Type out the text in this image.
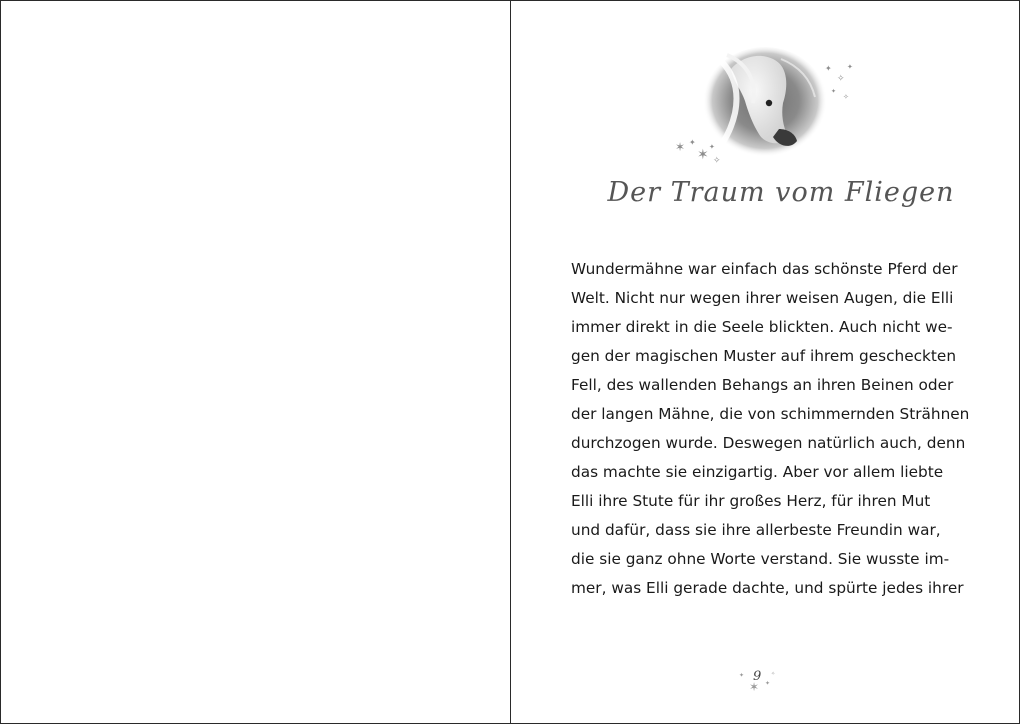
✶ ✦
✶ ✦
✧
✦
✧
✦
✦
✧
Der Traum vom Fliegen

Wundermähne war einfach das schönste Pferd der
Welt. Nicht nur wegen ihrer weisen Augen, die Elli
immer direkt in die Seele blickten. Auch nicht we-
gen der magischen Muster auf ihrem gescheckten
Fell, des wallenden Behangs an ihren Beinen oder
der langen Mähne, die von schimmernden Strähnen
durchzogen wurde. Deswegen natürlich auch, denn
das machte sie einzigartig. Aber vor allem liebte
Elli ihre Stute für ihr großes Herz, für ihren Mut
und dafür, dass sie ihre allerbeste Freundin war,
die sie ganz ohne Worte verstand. Sie wusste im-
mer, was Elli gerade dachte, und spürte jedes ihrer

✦
✶ ✦
✧
9
